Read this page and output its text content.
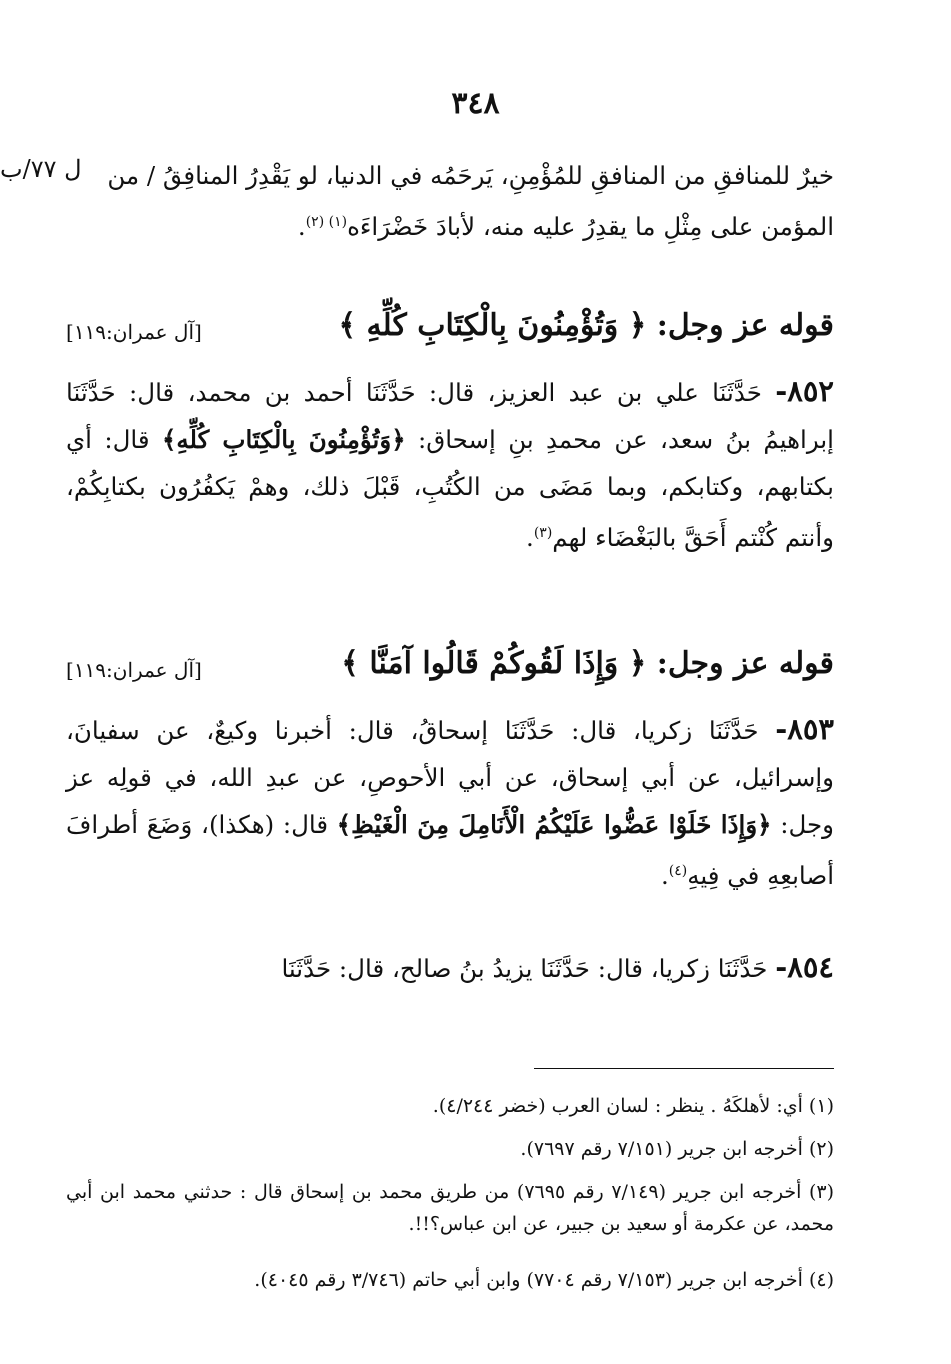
٣٤٨
ل ٧٧/ب	خيرٌ للمنافقِ من المنافقِ للمُؤْمِنِ، يَرحَمُه في الدنيا، لو يَقْدِرُ المنافِقُ / من
المؤمن على مِثْلِ ما يقدِرُ عليه منه، لأبادَ خَضْرَاءَه$^{(١) (٢)}$.
قوله عز وجل: ﴿ وَتُؤْمِنُونَ بِالْكِتَابِ كُلِّهِ ﴾
[آل عمران:١١٩]
٨٥٢- حَدَّثَنَا علي بن عبد العزيز، قال: حَدَّثَنَا أحمد بن محمد، قال: حَدَّثَنَا إبراهيمُ بنُ سعد، عن محمدِ بنِ إسحاق: ﴿وَتُؤْمِنُونَ بِالْكِتَابِ كُلِّهِ﴾ قال: أي بكتابهم، وكتابكم، وبما مَضَى من الكُتُبِ، قَبْلَ ذلك، وهمْ يَكفُرُون بكتابِكُمْ، وأنتم كُنْتم أَحَقَّ بالبَغْضَاء لهم$^{(٣)}$.
قوله عز وجل: ﴿ وَإِذَا لَقُوكُمْ قَالُوا آمَنَّا ﴾
[آل عمران:١١٩]
٨٥٣- حَدَّثَنَا زكريا، قال: حَدَّثَنَا إسحاقُ، قال: أخبرنا وكيعٌ، عن سفيانَ، وإسرائيل، عن أبي إسحاق، عن أبي الأحوصِ، عن عبدِ الله، في قولِه عز وجل: ﴿وَإِذَا خَلَوْا عَضُّوا عَلَيْكُمُ الْأَنَامِلَ مِنَ الْغَيْظِ﴾ قال: (هكذا)، وَضَعَ أطرافَ أصابعِهِ في فِيهِ$^{(٤)}$.
٨٥٤- حَدَّثَنَا زكريا، قال: حَدَّثَنَا يزيدُ بنُ صالح، قال: حَدَّثَنَا
(١) أي: لأهلكَهُ . ينظر : لسان العرب (خضر ٤/٢٤٤).
(٢) أخرجه ابن جرير (٧/١٥١ رقم ٧٦٩٧).
(٣) أخرجه ابن جرير (٧/١٤٩ رقم ٧٦٩٥) من طريق محمد بن إسحاق قال : حدثني محمد ابن أبي محمد، عن عكرمة أو سعيد بن جبير، عن ابن عباس؟!!.
(٤) أخرجه ابن جرير (٧/١٥٣ رقم ٧٧٠٤) وابن أبي حاتم (٣/٧٤٦ رقم ٤٠٤٥).
